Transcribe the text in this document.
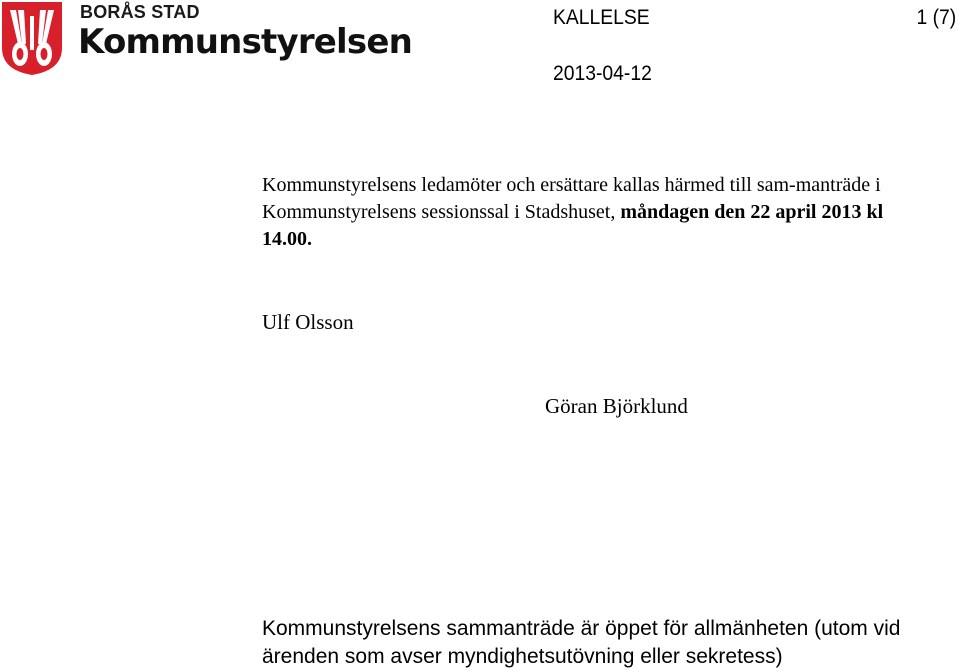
BORÅS STAD
Kommunstyrelsen
KALLELSE	1 (7)
2013-04-12
Kommunstyrelsens ledamöter och ersättare kallas härmed till sam-manträde i Kommunstyrelsens sessionssal i Stadshuset, måndagen den 22 april 2013 kl 14.00.
Ulf Olsson
Göran Björklund
Kommunstyrelsens sammanträde är öppet för allmänheten (utom vid ärenden som avser myndighetsutövning eller sekretess)
